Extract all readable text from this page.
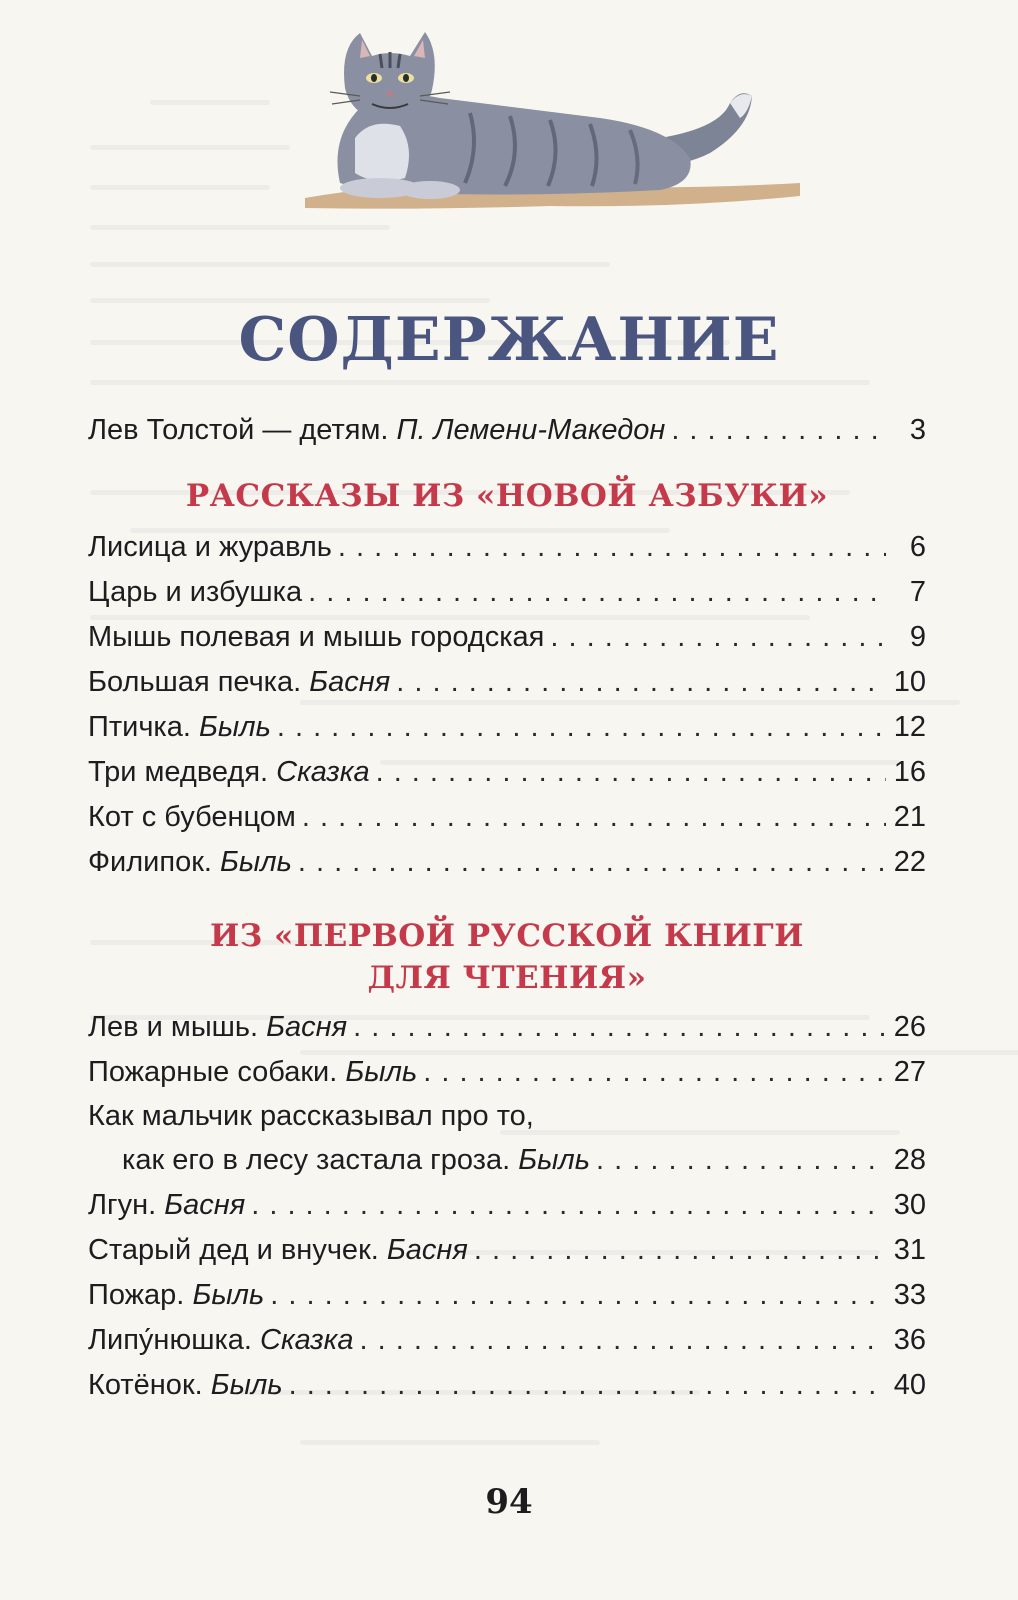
СОДЕРЖАНИЕ
Лев Толстой — детям. П. Лемени-Македон . . .	3
РАССКАЗЫ ИЗ «НОВОЙ АЗБУКИ»
Лисица и журавль . . .	6
Царь и избушка . . .	7
Мышь полевая и мышь городская . . .	9
Большая печка. Басня . . .	10
Птичка. Быль . . .	12
Три медведя. Сказка . . .	16
Кот с бубенцом . . .	21
Филипок. Быль . . .	22
ИЗ «ПЕРВОЙ РУССКОЙ КНИГИ
ДЛЯ ЧТЕНИЯ»
Лев и мышь. Басня . . .	26
Пожарные собаки. Быль . . .	27
Как мальчик рассказывал про то,
как его в лесу застала гроза. Быль . . .	28
Лгун. Басня . . .	30
Старый дед и внучек. Басня . . .	31
Пожар. Быль . . .	33
Липу́нюшка. Сказка . . .	36
Котёнок. Быль . . .	40
94
